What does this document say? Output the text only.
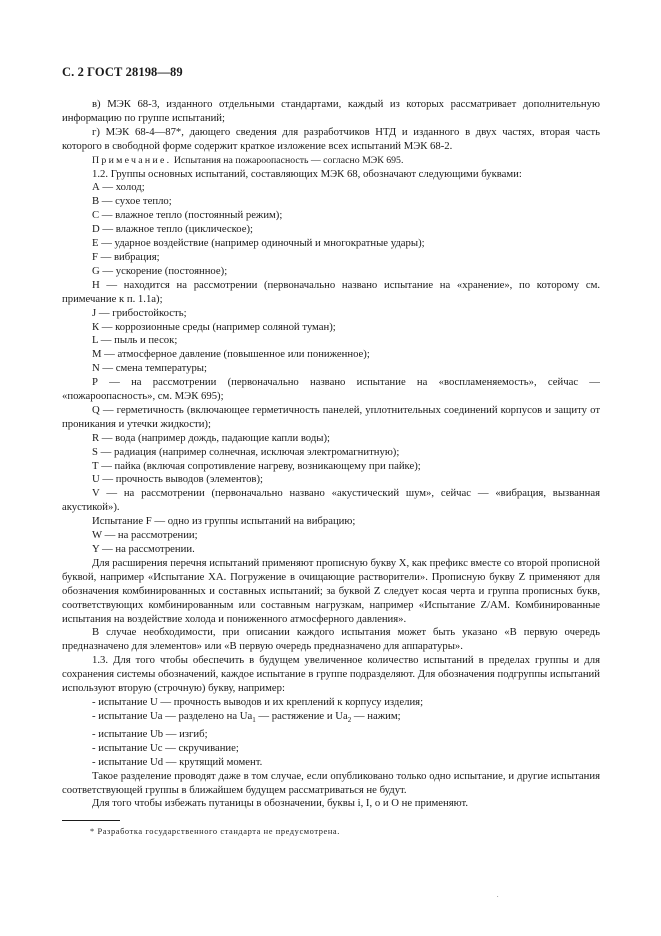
С. 2 ГОСТ 28198—89

в) МЭК 68-3, изданного отдельными стандартами, каждый из которых рассматривает дополнительную информацию по группе испытаний;

г) МЭК 68-4—87*, дающего сведения для разработчиков НТД и изданного в двух частях, вторая часть которого в свободной форме содержит краткое изложение всех испытаний МЭК 68-2.

Примечание. Испытания на пожароопасность — согласно МЭК 695.

1.2. Группы основных испытаний, составляющих МЭК 68, обозначают следующими буквами:

А — холод;

В — сухое тепло;

С — влажное тепло (постоянный режим);

D — влажное тепло (циклическое);

Е — ударное воздействие (например одиночный и многократные удары);

F — вибрация;

G — ускорение (постоянное);

Н — находится на рассмотрении (первоначально названо испытание на «хранение», по которому см. примечание к п. 1.1а);

J — грибостойкость;

К — коррозионные среды (например соляной туман);

L — пыль и песок;

М — атмосферное давление (повышенное или пониженное);

N — смена температуры;

Р — на рассмотрении (первоначально названо испытание на «воспламеняемость», сейчас — «пожароопасность», см. МЭК 695);

Q — герметичность (включающее герметичность панелей, уплотнительных соединений корпусов и защиту от проникания и утечки жидкости);

R — вода (например дождь, падающие капли воды);

S — радиация (например солнечная, исключая электромагнитную);

Т — пайка (включая сопротивление нагреву, возникающему при пайке);

U — прочность выводов (элементов);

V — на рассмотрении (первоначально названо «акустический шум», сейчас — «вибрация, вызванная акустикой»).

Испытание F — одно из группы испытаний на вибрацию;

W — на рассмотрении;

Y — на рассмотрении.

Для расширения перечня испытаний применяют прописную букву X, как префикс вместе со второй прописной буквой, например «Испытание ХА. Погружение в очищающие растворители». Прописную букву Z применяют для обозначения комбинированных и составных испытаний; за буквой Z следует косая черта и группа прописных букв, соответствующих комбинированным или составным нагрузкам, например «Испытание Z/AM. Комбинированные испытания на воздействие холода и пониженного атмосферного давления».

В случае необходимости, при описании каждого испытания может быть указано «В первую очередь предназначено для элементов» или «В первую очередь предназначено для аппаратуры».

1.3. Для того чтобы обеспечить в будущем увеличенное количество испытаний в пределах группы и для сохранения системы обозначений, каждое испытание в группе подразделяют. Для обозначения подгруппы испытаний используют вторую (строчную) букву, например:

- испытание U — прочность выводов и их креплений к корпусу изделия;

- испытание Ua — разделено на $Ua_1$ — растяжение и $Ua_2$ — нажим;

- испытание Ub — изгиб;

- испытание Uc — скручивание;

- испытание Ud — крутящий момент.

Такое разделение проводят даже в том случае, если опубликовано только одно испытание, и другие испытания соответствующей группы в ближайшем будущем рассматриваться не будут.

Для того чтобы избежать путаницы в обозначении, буквы i, I, о и О не применяют.

* Разработка государственного стандарта не предусмотрена.
.
